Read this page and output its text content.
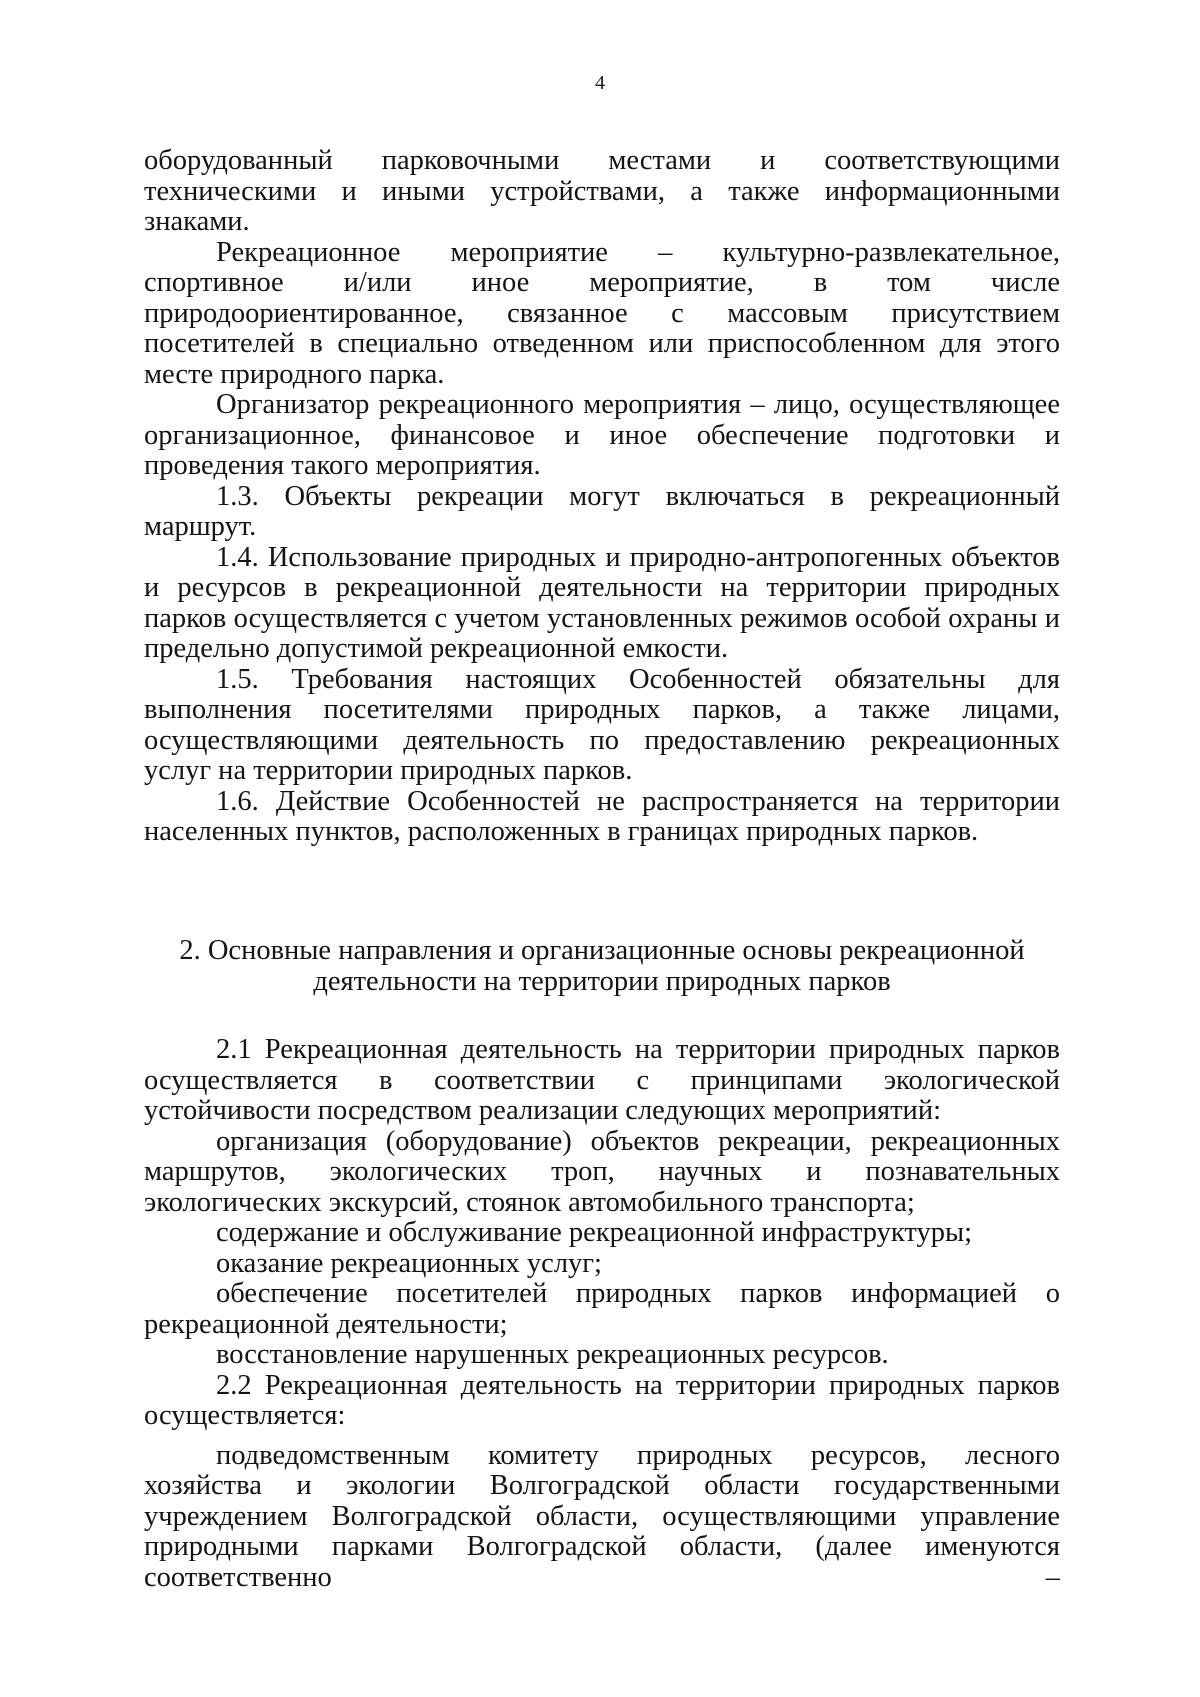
4

оборудованный парковочными местами и соответствующими техническими и иными устройствами, а также информационными знаками.

Рекреационное мероприятие – культурно-развлекательное, спортивное и/или иное мероприятие, в том числе природоориентированное, связанное с массовым присутствием посетителей в специально отведенном или приспособленном для этого месте природного парка.

Организатор рекреационного мероприятия – лицо, осуществляющее организационное, финансовое и иное обеспечение подготовки и проведения такого мероприятия.

1.3. Объекты рекреации могут включаться в рекреационный маршрут.

1.4. Использование природных и природно-антропогенных объектов и ресурсов в рекреационной деятельности на территории природных парков осуществляется с учетом установленных режимов особой охраны и предельно допустимой рекреационной емкости.

1.5. Требования настоящих Особенностей обязательны для выполнения посетителями природных парков, а также лицами, осуществляющими деятельность по предоставлению рекреационных услуг на территории природных парков.

1.6. Действие Особенностей не распространяется на территории населенных пунктов, расположенных в границах природных парков.

2. Основные направления и организационные основы рекреационной
деятельности на территории природных парков

2.1 Рекреационная деятельность на территории природных парков осуществляется в соответствии с принципами экологической устойчивости посредством реализации следующих мероприятий:

организация (оборудование) объектов рекреации, рекреационных маршрутов, экологических троп, научных и познавательных экологических экскурсий, стоянок автомобильного транспорта;

содержание и обслуживание рекреационной инфраструктуры;

оказание рекреационных услуг;

обеспечение посетителей природных парков информацией о рекреационной деятельности;

восстановление нарушенных рекреационных ресурсов.

2.2 Рекреационная деятельность на территории природных парков осуществляется:

подведомственным комитету природных ресурсов, лесного хозяйства и экологии Волгоградской области государственными учреждением Волгоградской области, осуществляющими управление природными парками Волгоградской области, (далее именуются соответственно –
